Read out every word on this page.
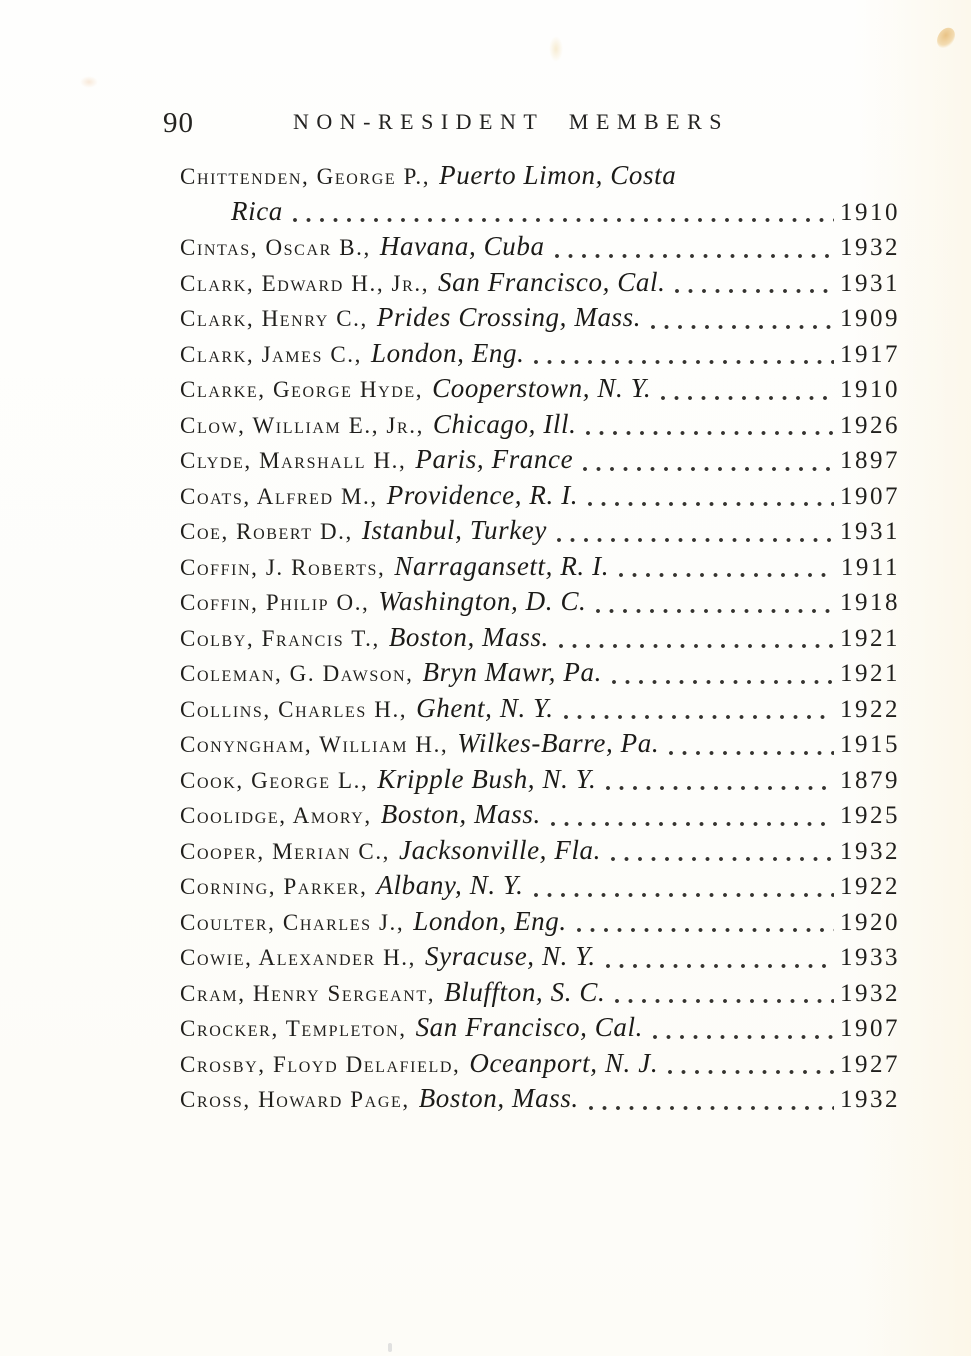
90	NON-RESIDENT MEMBERS
Chittenden, George P., Puerto Limon, Costa
Rica	1910
Cintas, Oscar B., Havana, Cuba	1932
Clark, Edward H., Jr., San Francisco, Cal.	1931
Clark, Henry C., Prides Crossing, Mass.	1909
Clark, James C., London, Eng.	1917
Clarke, George Hyde, Cooperstown, N. Y.	1910
Clow, William E., Jr., Chicago, Ill.	1926
Clyde, Marshall H., Paris, France	1897
Coats, Alfred M., Providence, R. I.	1907
Coe, Robert D., Istanbul, Turkey	1931
Coffin, J. Roberts, Narragansett, R. I.	1911
Coffin, Philip O., Washington, D. C.	1918
Colby, Francis T., Boston, Mass.	1921
Coleman, G. Dawson, Bryn Mawr, Pa.	1921
Collins, Charles H., Ghent, N. Y.	1922
Conyngham, William H., Wilkes-Barre, Pa.	1915
Cook, George L., Kripple Bush, N. Y.	1879
Coolidge, Amory, Boston, Mass.	1925
Cooper, Merian C., Jacksonville, Fla.	1932
Corning, Parker, Albany, N. Y.	1922
Coulter, Charles J., London, Eng.	1920
Cowie, Alexander H., Syracuse, N. Y.	1933
Cram, Henry Sergeant, Bluffton, S. C.	1932
Crocker, Templeton, San Francisco, Cal.	1907
Crosby, Floyd Delafield, Oceanport, N. J.	1927
Cross, Howard Page, Boston, Mass.	1932
